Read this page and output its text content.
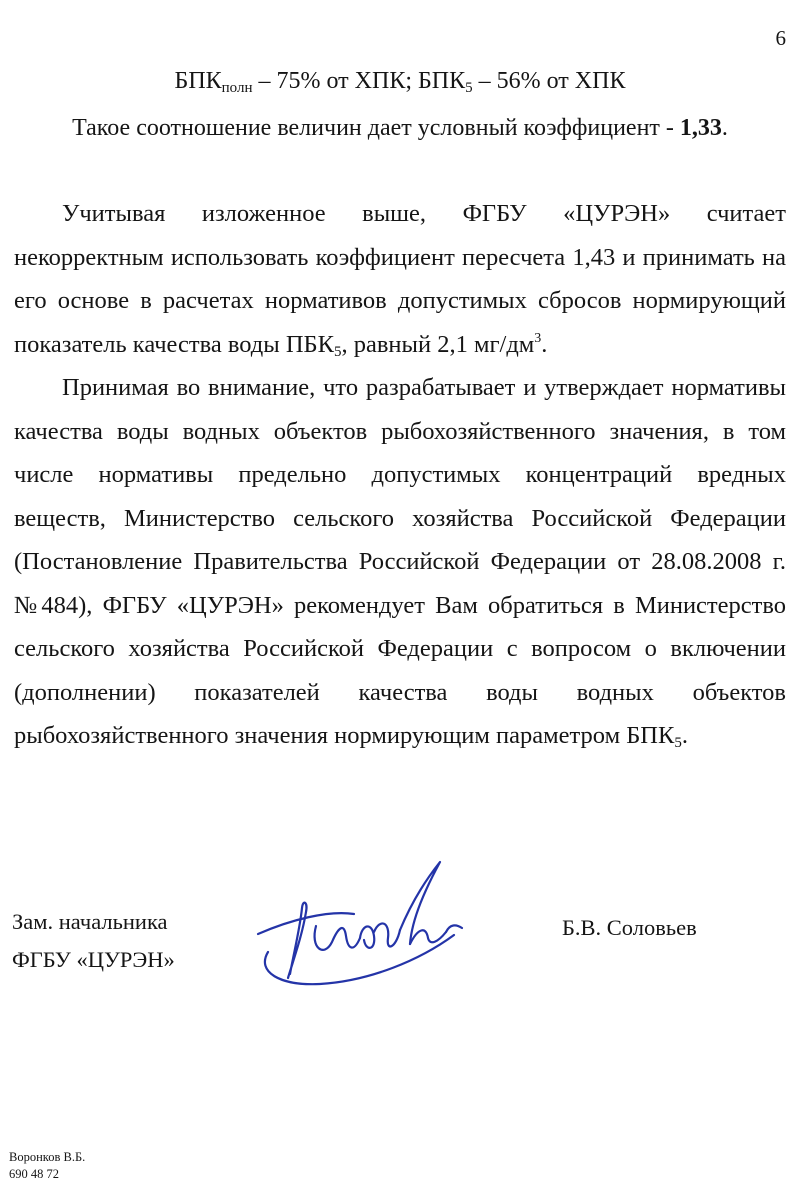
6
$БПК_{полн} - 75\%$ от ХПК; $БПК_5 - 56\%$ от ХПК
Такое соотношение величин дает условный коэффициент - 1,33.
Учитывая изложенное выше, ФГБУ «ЦУРЭН» считает некорректным использовать коэффициент пересчета 1,43 и принимать на его основе в расчетах нормативов допустимых сбросов нормирующий показатель качества воды $ПБК_5$, равный 2,1 $мг/дм^3$.
Принимая во внимание, что разрабатывает и утверждает нормативы качества воды водных объектов рыбохозяйственного значения, в том числе нормативы предельно допустимых концентраций вредных веществ, Министерство сельского хозяйства Российской Федерации (Постановление Правительства Российской Федерации от 28.08.2008 г. №484), ФГБУ «ЦУРЭН» рекомендует Вам обратиться в Министерство сельского хозяйства Российской Федерации с вопросом о включении (дополнении) показателей качества воды водных объектов рыбохозяйственного значения нормирующим параметром $БПК_5$.
Зам. начальника
ФГБУ «ЦУРЭН»
Б.В. Соловьев
Воронков В.Б.
690 48 72
